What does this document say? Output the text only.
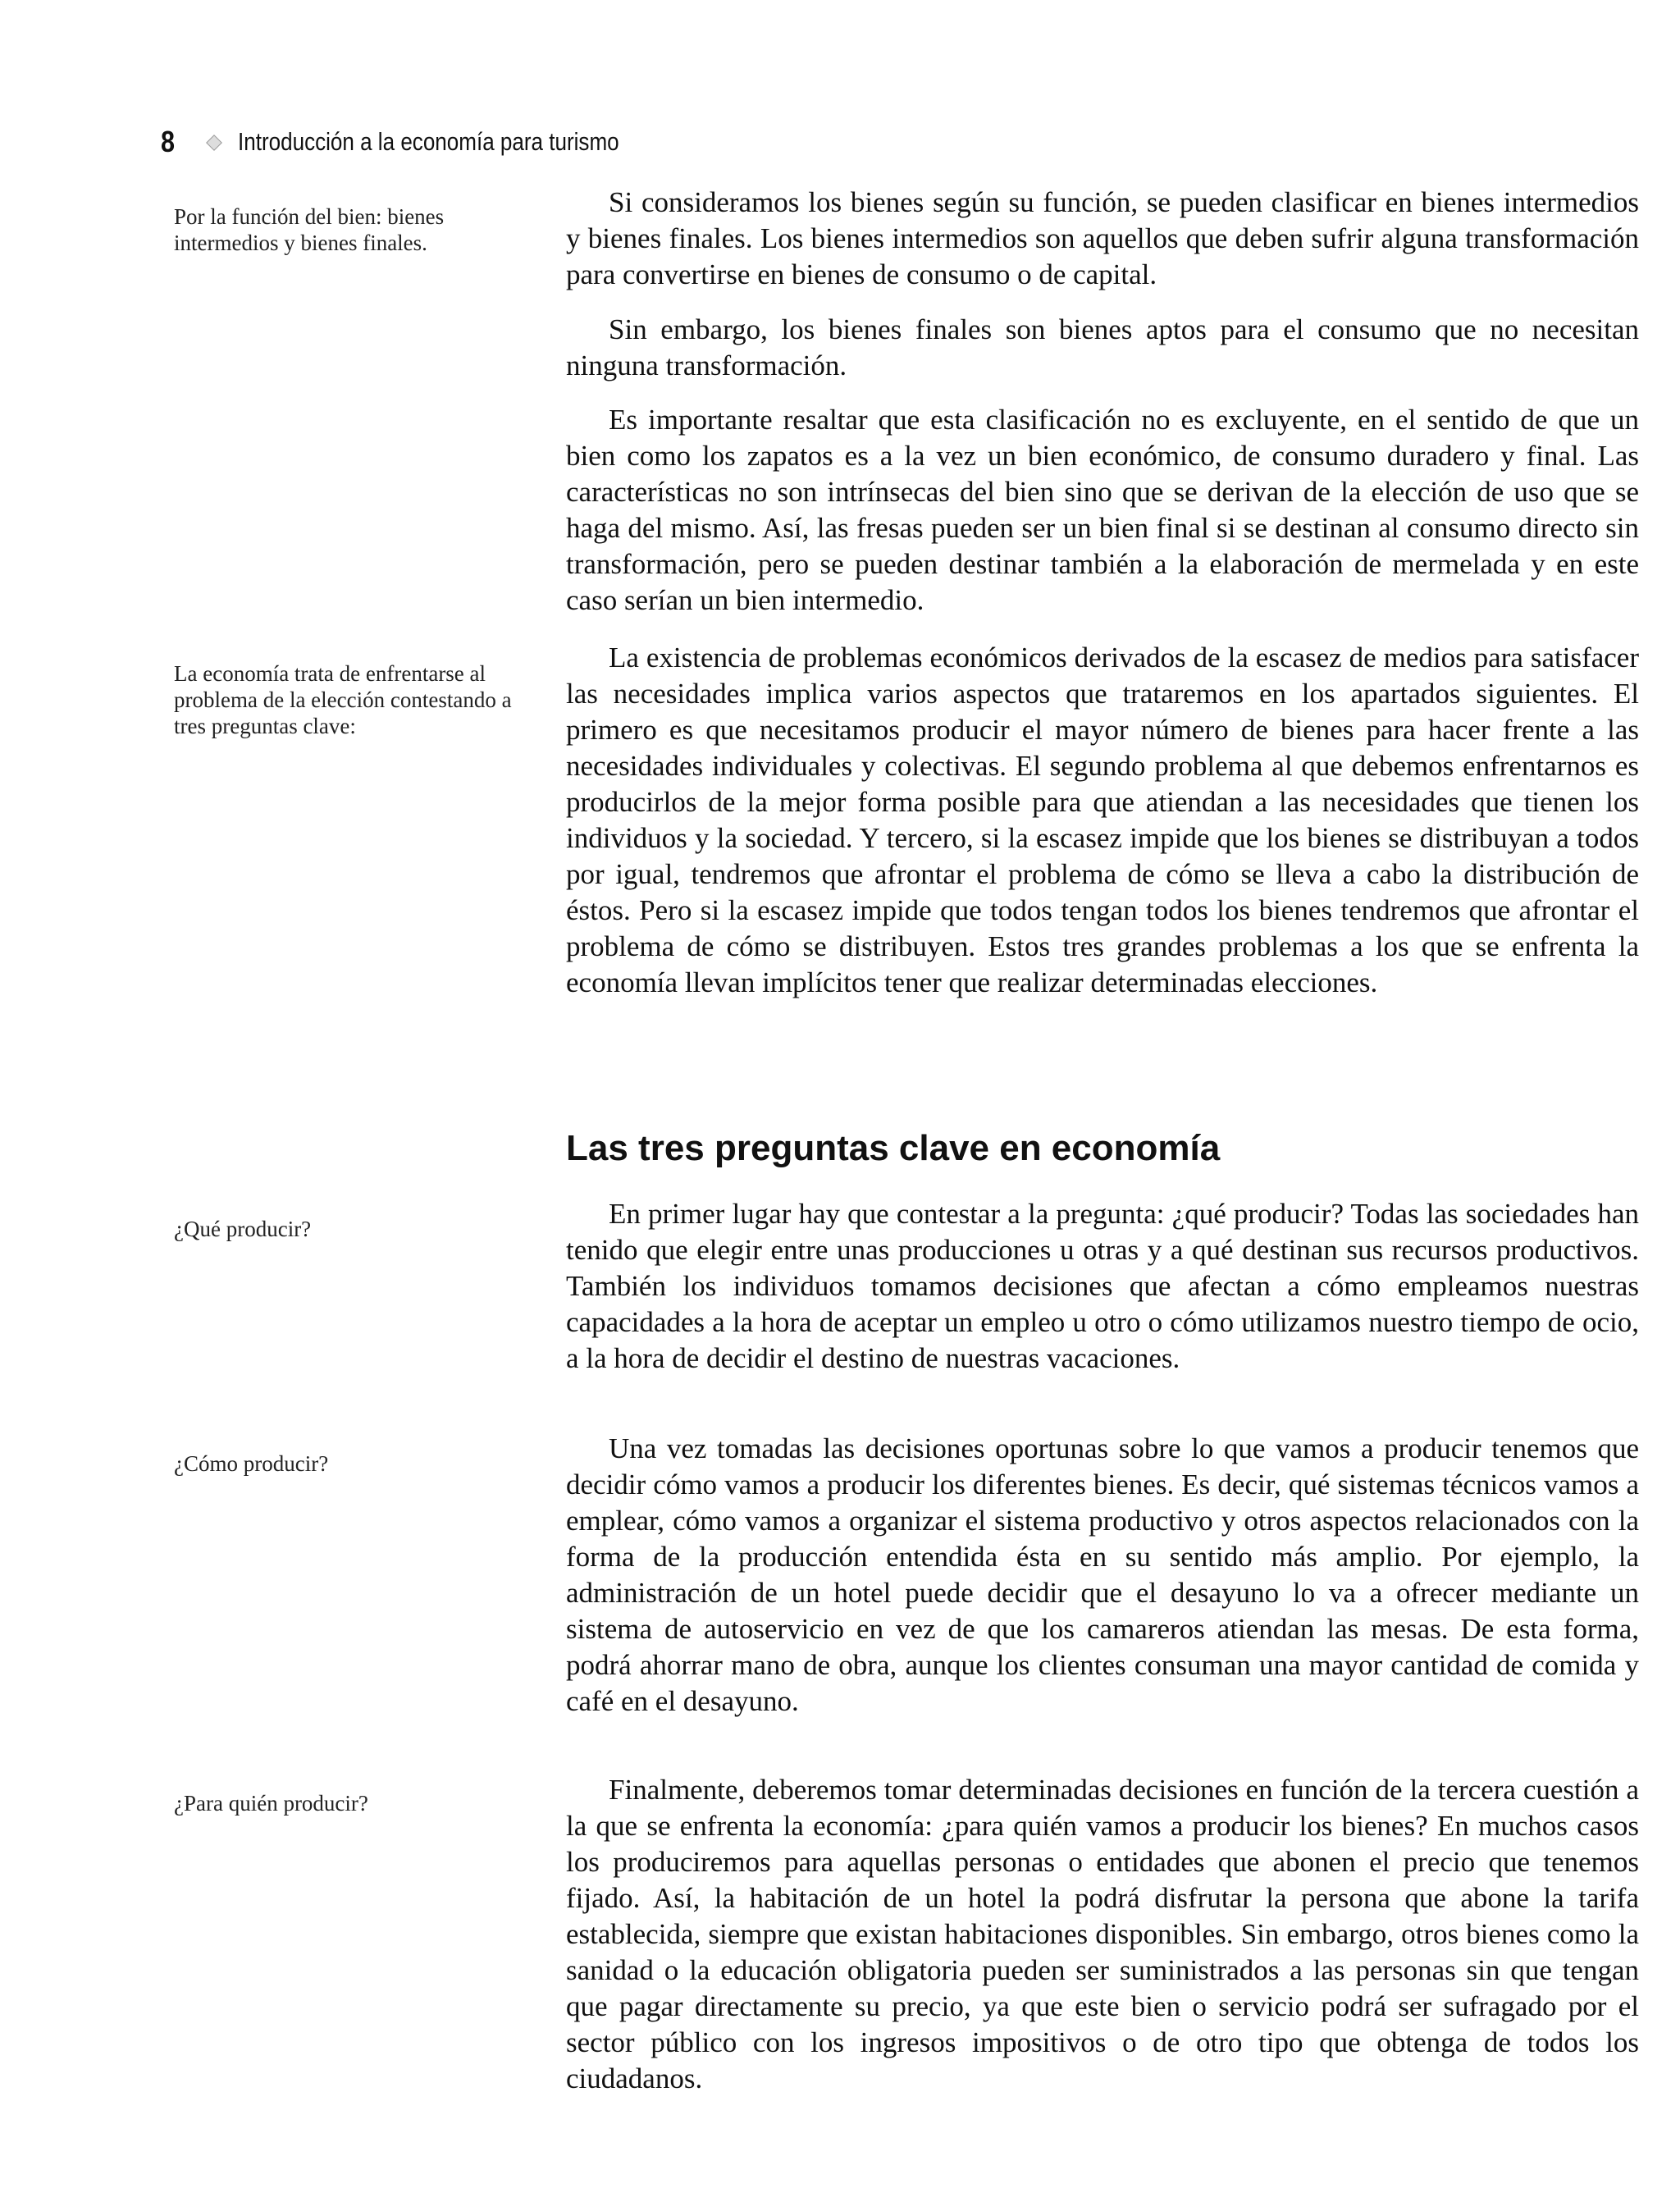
8 Introducción a la economía para turismo

Por la función del bien: bienes intermedios y bienes finales.

La economía trata de enfrentarse al problema de la elección contestando a tres preguntas clave:

¿Qué producir?

¿Cómo producir?

¿Para quién producir?

Si consideramos los bienes según su función, se pueden clasificar en bienes intermedios y bienes finales. Los bienes intermedios son aquellos que deben sufrir alguna transformación para convertirse en bienes de consumo o de capital.

Sin embargo, los bienes finales son bienes aptos para el consumo que no necesitan ninguna transformación.

Es importante resaltar que esta clasificación no es excluyente, en el sentido de que un bien como los zapatos es a la vez un bien económico, de consumo duradero y final. Las características no son intrínsecas del bien sino que se derivan de la elección de uso que se haga del mismo. Así, las fresas pueden ser un bien final si se destinan al consumo directo sin transformación, pero se pueden destinar también a la elaboración de mermelada y en este caso serían un bien intermedio.

La existencia de problemas económicos derivados de la escasez de medios para satisfacer las necesidades implica varios aspectos que trataremos en los apartados siguientes. El primero es que necesitamos producir el mayor número de bienes para hacer frente a las necesidades individuales y colectivas. El segundo problema al que debemos enfrentarnos es producirlos de la mejor forma posible para que atiendan a las necesidades que tienen los individuos y la sociedad. Y tercero, si la escasez impide que los bienes se distribuyan a todos por igual, tendremos que afrontar el problema de cómo se lleva a cabo la distribución de éstos. Pero si la escasez impide que todos tengan todos los bienes tendremos que afrontar el problema de cómo se distribuyen. Estos tres grandes problemas a los que se enfrenta la economía llevan implícitos tener que realizar determinadas elecciones.

Las tres preguntas clave en economía

En primer lugar hay que contestar a la pregunta: ¿qué producir? Todas las sociedades han tenido que elegir entre unas producciones u otras y a qué destinan sus recursos productivos. También los individuos tomamos decisiones que afectan a cómo empleamos nuestras capacidades a la hora de aceptar un empleo u otro o cómo utilizamos nuestro tiempo de ocio, a la hora de decidir el destino de nuestras vacaciones.

Una vez tomadas las decisiones oportunas sobre lo que vamos a producir tenemos que decidir cómo vamos a producir los diferentes bienes. Es decir, qué sistemas técnicos vamos a emplear, cómo vamos a organizar el sistema productivo y otros aspectos relacionados con la forma de la producción entendida ésta en su sentido más amplio. Por ejemplo, la administración de un hotel puede decidir que el desayuno lo va a ofrecer mediante un sistema de autoservicio en vez de que los camareros atiendan las mesas. De esta forma, podrá ahorrar mano de obra, aunque los clientes consuman una mayor cantidad de comida y café en el desayuno.

Finalmente, deberemos tomar determinadas decisiones en función de la tercera cuestión a la que se enfrenta la economía: ¿para quién vamos a producir los bienes? En muchos casos los produciremos para aquellas personas o entidades que abonen el precio que tenemos fijado. Así, la habitación de un hotel la podrá disfrutar la persona que abone la tarifa establecida, siempre que existan habitaciones disponibles. Sin embargo, otros bienes como la sanidad o la educación obligatoria pueden ser suministrados a las personas sin que tengan que pagar directamente su precio, ya que este bien o servicio podrá ser sufragado por el sector público con los ingresos impositivos o de otro tipo que obtenga de todos los ciudadanos.
